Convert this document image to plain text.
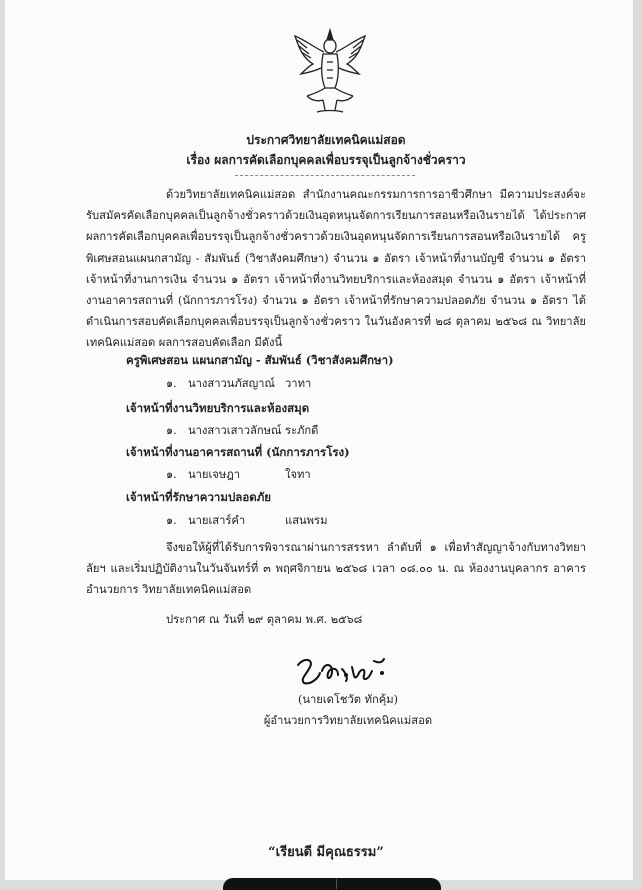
ประกาศวิทยาลัยเทคนิคแม่สอด
เรื่อง ผลการคัดเลือกบุคคลเพื่อบรรจุเป็นลูกจ้างชั่วคราว

ด้วยวิทยาลัยเทคนิคแม่สอด สำนักงานคณะกรรมการการอาชีวศึกษา มีความประสงค์จะรับสมัครคัดเลือกบุคคลเป็นลูกจ้างชั่วคราวด้วยเงินอุดหนุนจัดการเรียนการสอนหรือเงินรายได้ ได้ประกาศผลการคัดเลือกบุคคลเพื่อบรรจุเป็นลูกจ้างชั่วคราวด้วยเงินอุดหนุนจัดการเรียนการสอนหรือเงินรายได้ ครูพิเศษสอนแผนกสามัญ - สัมพันธ์ (วิชาสังคมศึกษา) จำนวน ๑ อัตรา เจ้าหน้าที่งานบัญชี จำนวน ๑ อัตรา เจ้าหน้าที่งานการเงิน จำนวน ๑ อัตรา เจ้าหน้าที่งานวิทยบริการและห้องสมุด จำนวน ๑ อัตรา เจ้าหน้าที่งานอาคารสถานที่ (นักการภารโรง) จำนวน ๑ อัตรา เจ้าหน้าที่รักษาความปลอดภัย จำนวน ๑ อัตรา ได้ดำเนินการสอบคัดเลือกบุคคลเพื่อบรรจุเป็นลูกจ้างชั่วคราว ในวันอังคารที่ ๒๘ ตุลาคม ๒๕๖๘ ณ วิทยาลัยเทคนิคแม่สอด ผลการสอบคัดเลือก มีดังนี้

ครูพิเศษสอน แผนกสามัญ - สัมพันธ์ (วิชาสังคมศึกษา)
๑. นางสาวนภัสญาณ์ วาทา
เจ้าหน้าที่งานวิทยบริการและห้องสมุด
๑. นางสาวเสาวลักษณ์ ระภักดี
เจ้าหน้าที่งานอาคารสถานที่ (นักการภารโรง)
๑. นายเจษฎา	ใจทา
เจ้าหน้าที่รักษาความปลอดภัย
๑. นายเสาร์คำ	แสนพรม

จึงขอให้ผู้ที่ได้รับการพิจารณาผ่านการสรรหา ลำดับที่ ๑ เพื่อทำสัญญาจ้างกับทางวิทยาลัยฯ และเริ่มปฏิบัติงานในวันจันทร์ที่ ๓ พฤศจิกายน ๒๕๖๘ เวลา ๐๘.๐๐ น. ณ ห้องงานบุคลากร อาคารอำนวยการ วิทยาลัยเทคนิคแม่สอด

ประกาศ ณ วันที่ ๒๙ ตุลาคม พ.ศ. ๒๕๖๘
(นายเดโชวัต ทักคุ้ม)
ผู้อำนวยการวิทยาลัยเทคนิคแม่สอด
“เรียนดี มีคุณธรรม”
